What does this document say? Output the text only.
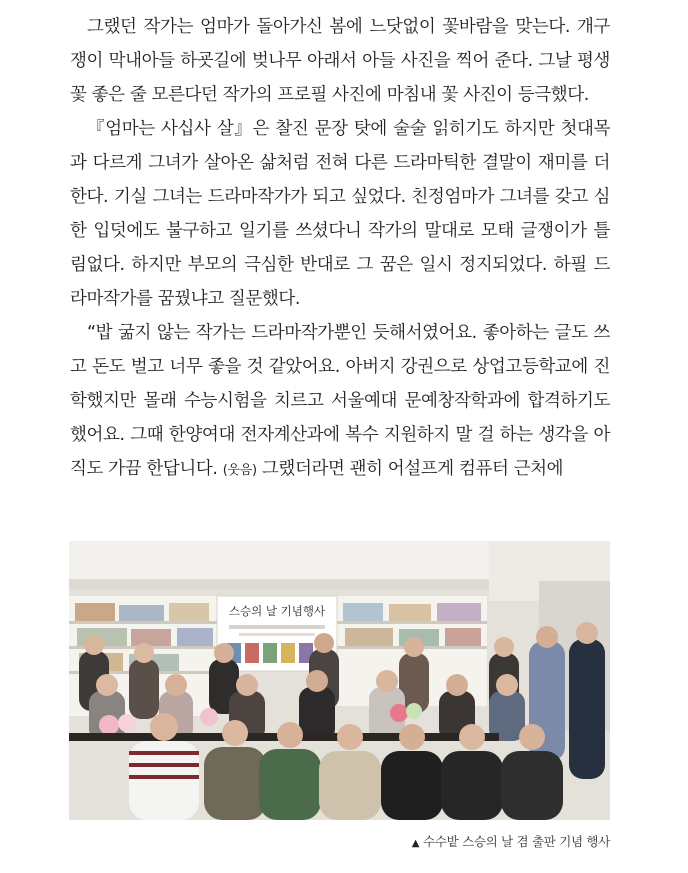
그랬던 작가는 엄마가 돌아가신 봄에 느닷없이 꽃바람을 맞는다. 개구쟁이 막내아들 하굣길에 벚나무 아래서 아들 사진을 찍어 준다. 그날 평생 꽃 좋은 줄 모른다던 작가의 프로필 사진에 마침내 꽃 사진이 등극했다.

『엄마는 사십사 살』은 찰진 문장 탓에 술술 읽히기도 하지만 첫대목과 다르게 그녀가 살아온 삶처럼 전혀 다른 드라마틱한 결말이 재미를 더한다. 기실 그녀는 드라마작가가 되고 싶었다. 친정엄마가 그녀를 갖고 심한 입덧에도 불구하고 일기를 쓰셨다니 작가의 말대로 모태 글쟁이가 틀림없다. 하지만 부모의 극심한 반대로 그 꿈은 일시 정지되었다. 하필 드라마작가를 꿈꿨냐고 질문했다.

“밥 굶지 않는 작가는 드라마작가뿐인 듯해서였어요. 좋아하는 글도 쓰고 돈도 벌고 너무 좋을 것 같았어요. 아버지 강권으로 상업고등학교에 진학했지만 몰래 수능시험을 치르고 서울예대 문예창작학과에 합격하기도 했어요. 그때 한양여대 전자계산과에 복수 지원하지 말 걸 하는 생각을 아직도 가끔 한답니다. (웃음) 그랬더라면 괜히 어설프게 컴퓨터 근처에

스승의 날 기념행사
▲ 수수밭 스승의 날 겸 출판 기념 행사
